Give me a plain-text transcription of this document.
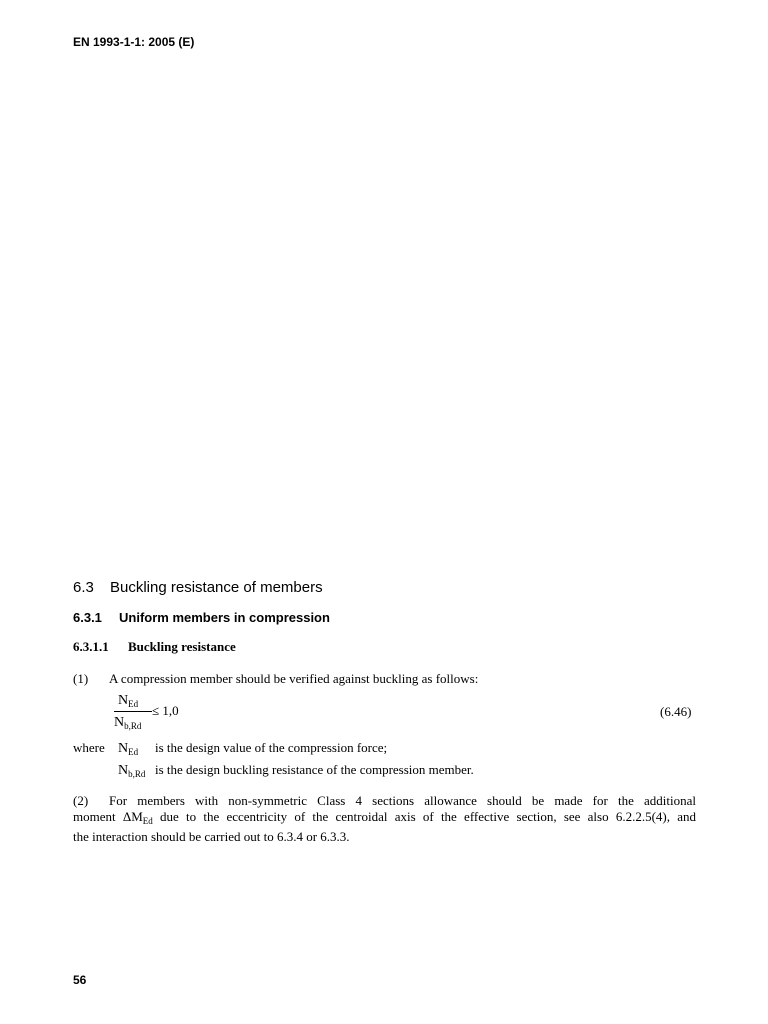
EN 1993-1-1: 2005 (E)
6.3 Buckling resistance of members
6.3.1 Uniform members in compression
6.3.1.1 Buckling resistance
(1) A compression member should be verified against buckling as follows:
$N_{Ed}$
$N_{b,Rd}$
≤ 1,0	(6.46)
where $N_{Ed}$ is the design value of the compression force;
$N_{b,Rd}$ is the design buckling resistance of the compression member.
(2) For members with non-symmetric Class 4 sections allowance should be made for the additional
moment $\Delta M_{Ed}$ due to the eccentricity of the centroidal axis of the effective section, see also 6.2.2.5(4), and
the interaction should be carried out to 6.3.4 or 6.3.3.
56
